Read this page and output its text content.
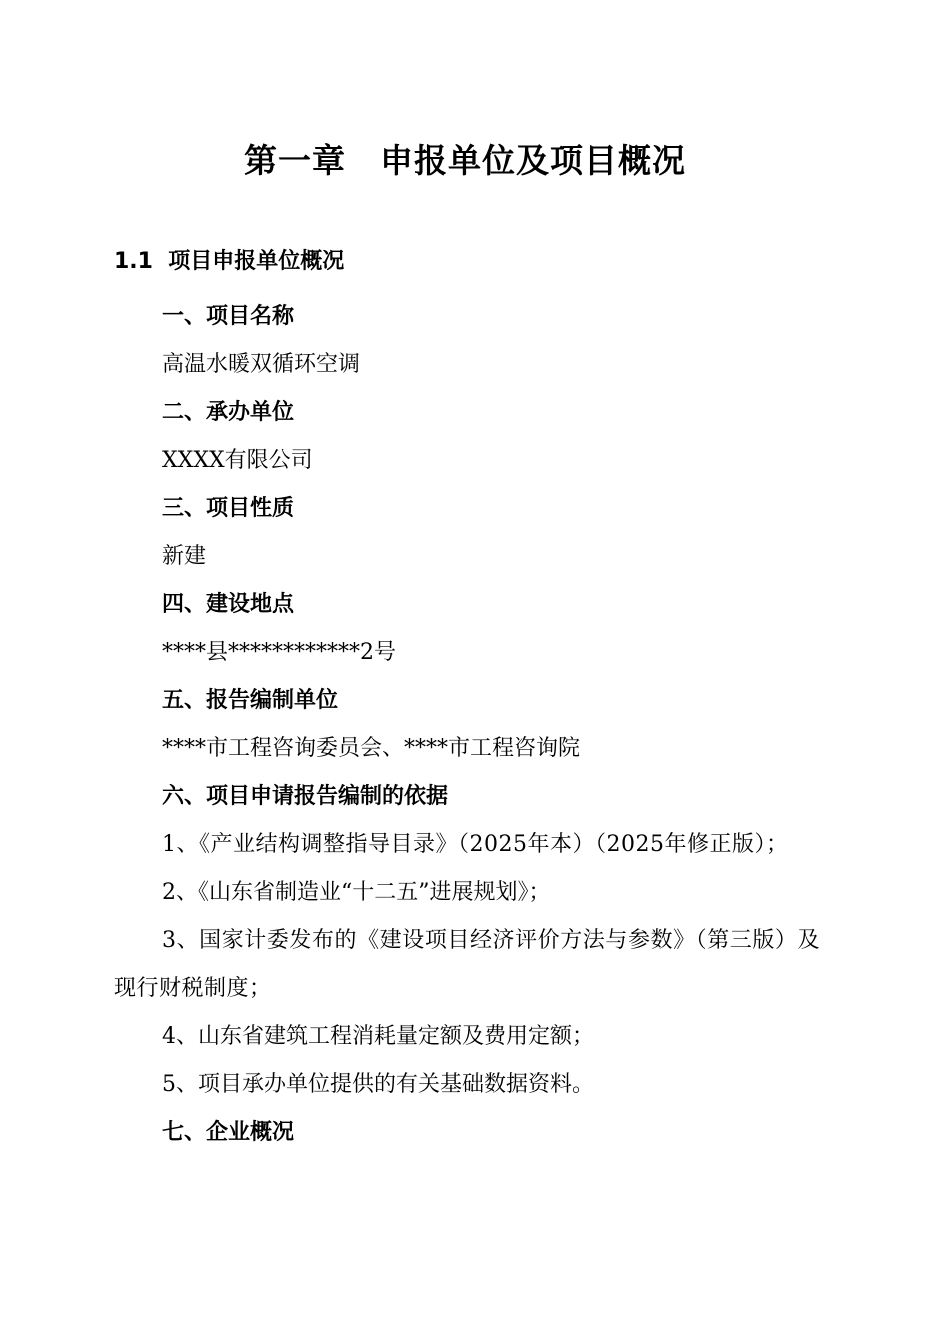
第一章　申报单位及项目概况
1.1  项目申报单位概况
一、项目名称
高温水暖双循环空调
二、承办单位
XXXX有限公司
三、项目性质
新建
四、建设地点
****县************2号
五、报告编制单位
****市工程咨询委员会、****市工程咨询院
六、项目申请报告编制的依据
1、《产业结构调整指导目录》（2025年本）（2025年修正版）；
2、《山东省制造业“十二五”进展规划》；
3、国家计委发布的《建设项目经济评价方法与参数》（第三版）及现行财税制度；
4、山东省建筑工程消耗量定额及费用定额；
5、项目承办单位提供的有关基础数据资料。
七、企业概况
